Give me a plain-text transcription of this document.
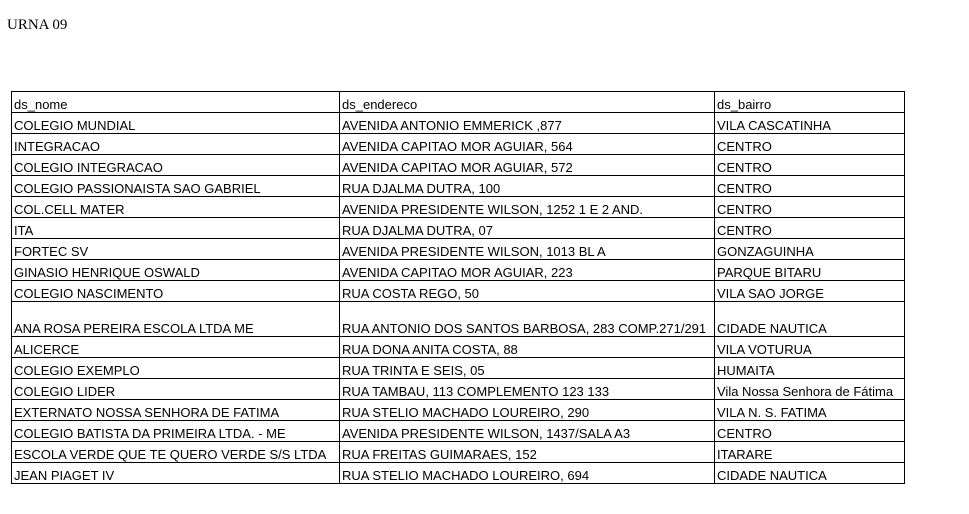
URNA 09
ds_nome	ds_endereco	ds_bairro
COLEGIO MUNDIAL	AVENIDA ANTONIO EMMERICK ,877	VILA CASCATINHA
INTEGRACAO	AVENIDA CAPITAO MOR AGUIAR, 564	CENTRO
COLEGIO INTEGRACAO	AVENIDA CAPITAO MOR AGUIAR, 572	CENTRO
COLEGIO PASSIONAISTA SAO GABRIEL	RUA DJALMA DUTRA, 100	CENTRO
COL.CELL MATER	AVENIDA PRESIDENTE WILSON, 1252 1 E 2 AND.	CENTRO
ITA	RUA DJALMA DUTRA, 07	CENTRO
FORTEC SV	AVENIDA PRESIDENTE WILSON, 1013 BL A	GONZAGUINHA
GINASIO HENRIQUE OSWALD	AVENIDA CAPITAO MOR AGUIAR, 223	PARQUE BITARU
COLEGIO NASCIMENTO	RUA COSTA REGO, 50	VILA SAO JORGE
ANA ROSA PEREIRA ESCOLA LTDA ME	RUA ANTONIO DOS SANTOS BARBOSA, 283 COMP.271/291	CIDADE NAUTICA
ALICERCE	RUA DONA ANITA COSTA, 88	VILA VOTURUA
COLEGIO EXEMPLO	RUA TRINTA E SEIS, 05	HUMAITA
COLEGIO LIDER	RUA TAMBAU, 113 COMPLEMENTO 123 133	Vila Nossa Senhora de Fátima
EXTERNATO NOSSA SENHORA DE FATIMA	RUA STELIO MACHADO LOUREIRO, 290	VILA N. S. FATIMA
COLEGIO BATISTA DA PRIMEIRA LTDA. - ME	AVENIDA PRESIDENTE WILSON, 1437/SALA A3	CENTRO
ESCOLA VERDE QUE TE QUERO VERDE S/S LTDA	RUA FREITAS GUIMARAES, 152	ITARARE
JEAN PIAGET IV	RUA STELIO MACHADO LOUREIRO, 694	CIDADE NAUTICA
